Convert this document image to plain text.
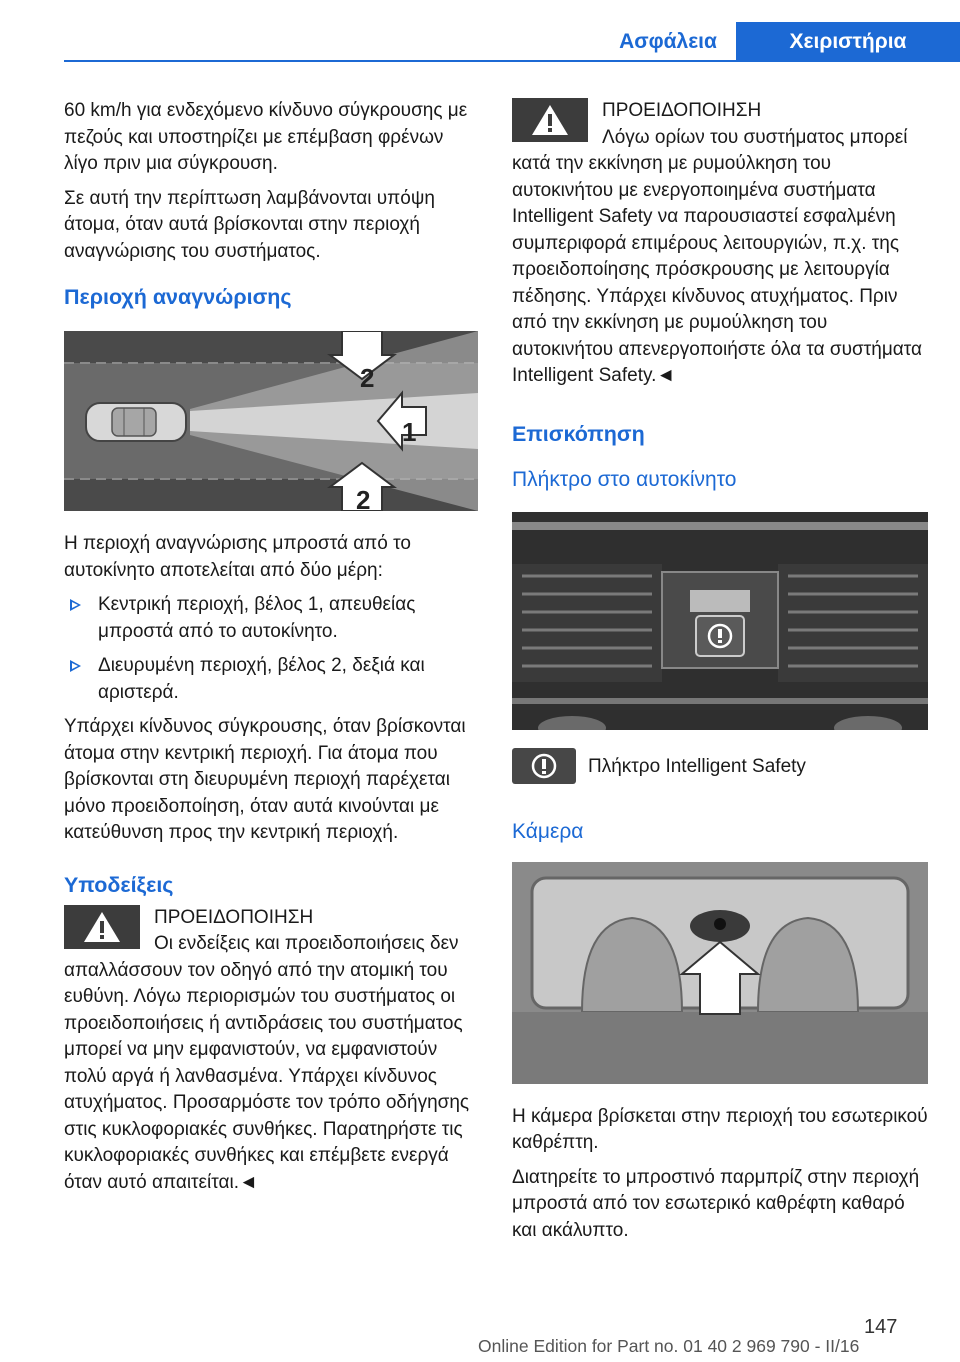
Ασφάλεια	Χειριστήρια

60 km/h για ενδεχόμενο κίνδυνο σύγκρουσης με πεζούς και υποστηρίζει με επέμβαση φρένων λίγο πριν μια σύγκρουση.

Σε αυτή την περίπτωση λαμβάνονται υπόψη άτομα, όταν αυτά βρίσκονται στην περιοχή αναγνώρισης του συστήματος.

Περιοχή αναγνώρισης
2
1
2

Η περιοχή αναγνώρισης μπροστά από το αυτοκίνητο αποτελείται από δύο μέρη:

Κεντρική περιοχή, βέλος 1, απευθείας μπροστά από το αυτοκίνητο.
Διευρυμένη περιοχή, βέλος 2, δεξιά και αριστερά.

Υπάρχει κίνδυνος σύγκρουσης, όταν βρίσκονται άτομα στην κεντρική περιοχή. Για άτομα που βρίσκονται στη διευρυμένη περιοχή παρέχεται μόνο προειδοποίηση, όταν αυτά κινούνται με κατεύθυνση προς την κεντρική περιοχή.

Υποδείξεις
ΠΡΟΕΙΔΟΠΟΙΗΣΗ
Οι ενδείξεις και προειδοποιήσεις δεν
απαλλάσσουν τον οδηγό από την ατομική του ευθύνη. Λόγω περιορισμών του συστήματος οι προειδοποιήσεις ή αντιδράσεις του συστήματος μπορεί να μην εμφανιστούν, να εμφανιστούν πολύ αργά ή λανθασμένα. Υπάρχει κίνδυνος ατυχήματος. Προσαρμόστε τον τρόπο οδήγησης στις κυκλοφοριακές συνθήκες. Παρατηρήστε τις κυκλοφοριακές συνθήκες και επέμβετε ενεργά όταν αυτό απαιτείται.◄
ΠΡΟΕΙΔΟΠΟΙΗΣΗ
Λόγω ορίων του συστήματος μπορεί
κατά την εκκίνηση με ρυμούλκηση του αυτοκινήτου με ενεργοποιημένα συστήματα Intelligent Safety να παρουσιαστεί εσφαλμένη συμπεριφορά επιμέρους λειτουργιών, π.χ. της προειδοποίησης πρόσκρουσης με λειτουργία πέδησης. Υπάρχει κίνδυνος ατυχήματος. Πριν από την εκκίνηση με ρυμούλκηση του αυτοκινήτου απενεργοποιήστε όλα τα συστήματα Intelligent Safety.◄
Επισκόπηση
Πλήκτρο στο αυτοκίνητο
Πλήκτρο Intelligent Safety
Κάμερα

Η κάμερα βρίσκεται στην περιοχή του εσωτερικού καθρέπτη.

Διατηρείτε το μπροστινό παρμπρίζ στην περιοχή μπροστά από τον εσωτερικό καθρέφτη καθαρό και ακάλυπτο.

147
Online Edition for Part no. 01 40 2 969 790 - II/16
